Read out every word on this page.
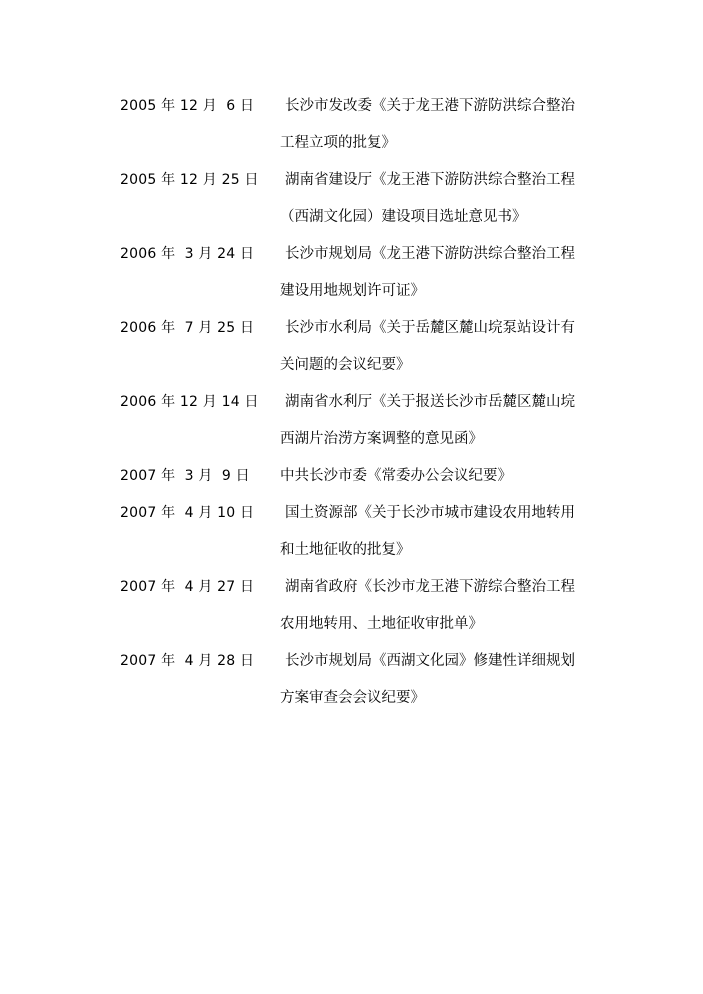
2005 年 12 月  6 日	长沙市发改委《关于龙王港下游防洪综合整治
工程立项的批复》
2005 年 12 月 25 日	湖南省建设厅《龙王港下游防洪综合整治工程
（西湖文化园）建设项目选址意见书》
2006 年  3 月 24 日	长沙市规划局《龙王港下游防洪综合整治工程
建设用地规划许可证》
2006 年  7 月 25 日	长沙市水利局《关于岳麓区麓山垸泵站设计有
关问题的会议纪要》
2006 年 12 月 14 日	湖南省水利厅《关于报送长沙市岳麓区麓山垸
西湖片治涝方案调整的意见函》
2007 年  3 月  9 日 中共长沙市委《常委办公会议纪要》
2007 年  4 月 10 日	国土资源部《关于长沙市城市建设农用地转用
和土地征收的批复》
2007 年  4 月 27 日	湖南省政府《长沙市龙王港下游综合整治工程
农用地转用、土地征收审批单》
2007 年  4 月 28 日	长沙市规划局《西湖文化园》修建性详细规划
方案审查会会议纪要》
